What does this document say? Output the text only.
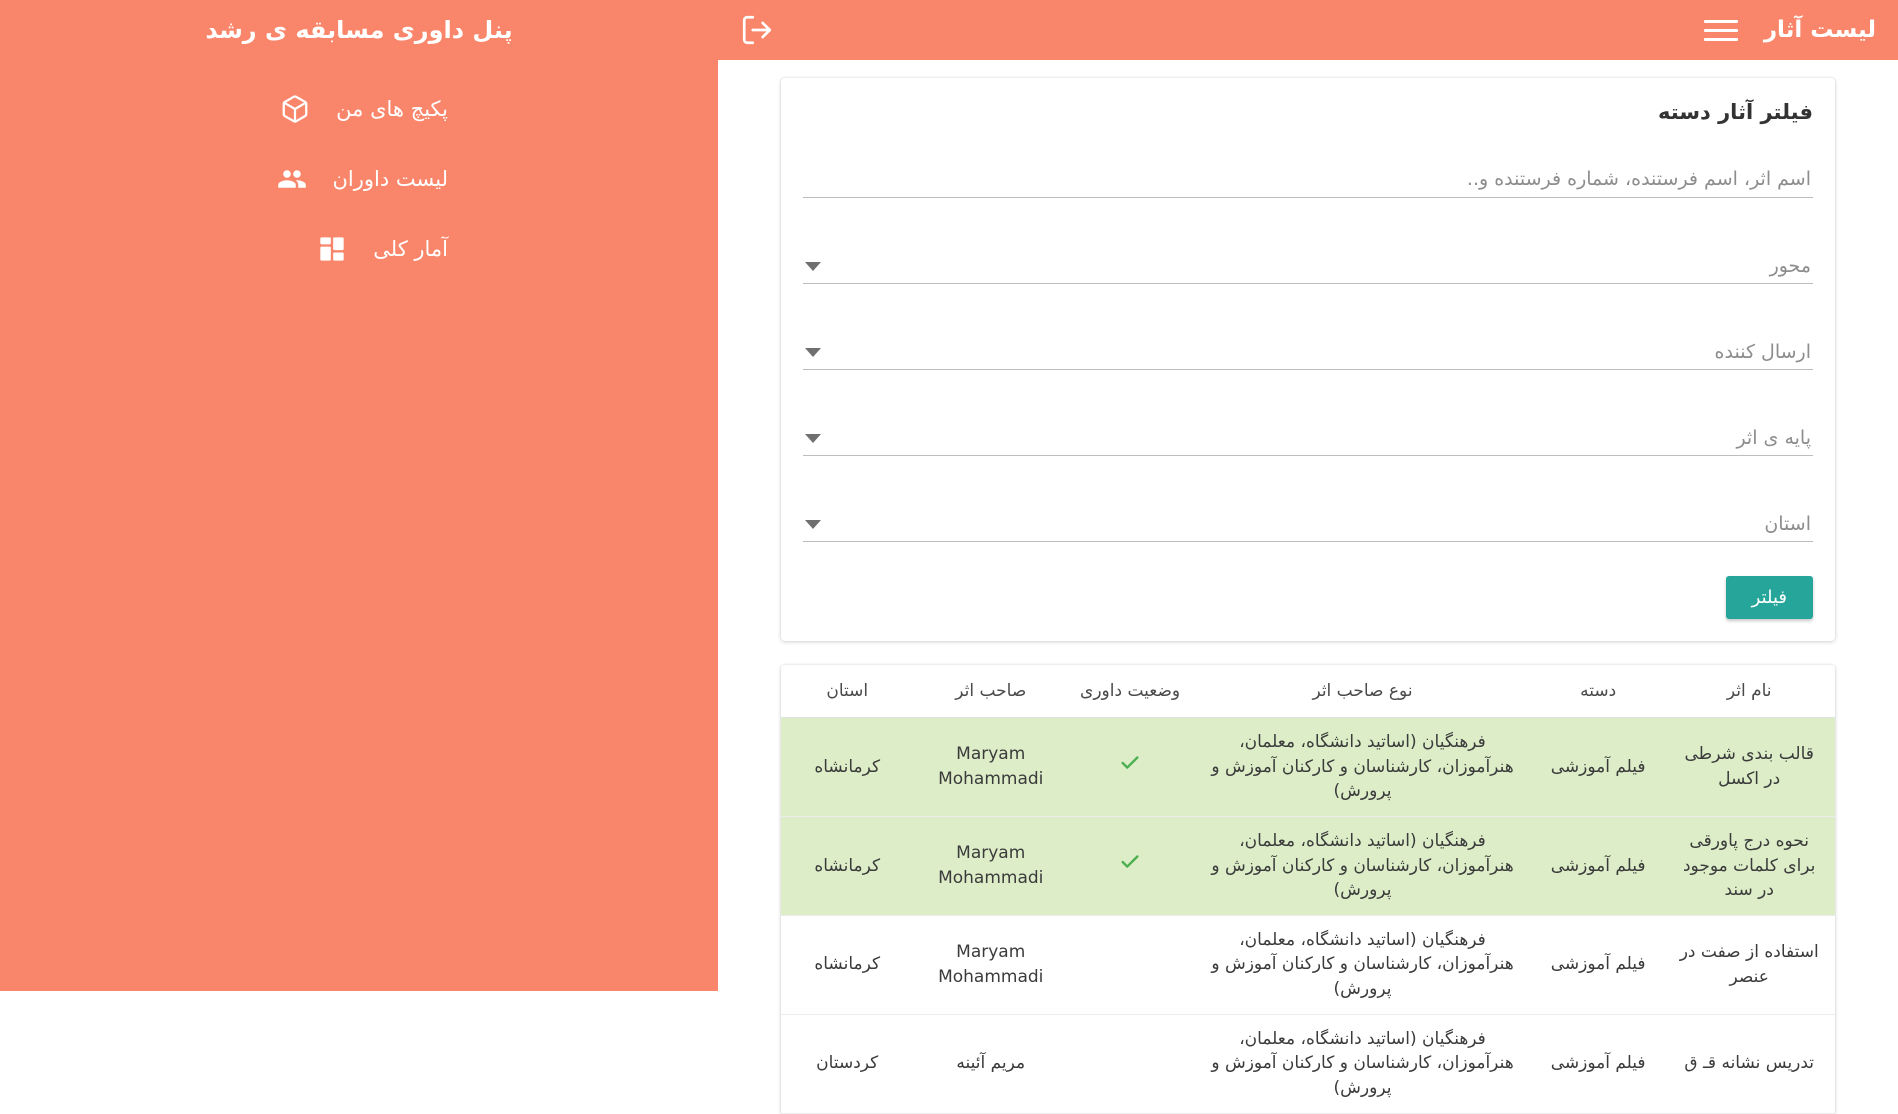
پنل داوری مسابقه ی رشد
پکیچ های من
لیست داوران
آمار کلی
لیست آثار
فیلتر آثار دسته
اسم اثر، اسم فرستنده، شماره فرستنده و..
محور
ارسال کننده
پایه ی اثر
استان
فیلتر
نام اثر	دسته	نوع صاحب اثر	وضعیت داوری	صاحب اثر	استان
قالب بندی شرطی در اکسل	فیلم آموزشی	فرهنگیان (اساتید دانشگاه، معلمان، هنرآموزان، کارشناسان و کارکنان آموزش و پرورش)		Maryam Mohammadi	کرمانشاه
نحوه درج پاورقی برای کلمات موجود در سند	فیلم آموزشی	فرهنگیان (اساتید دانشگاه، معلمان، هنرآموزان، کارشناسان و کارکنان آموزش و پرورش)		Maryam Mohammadi	کرمانشاه
استفاده از صفت در عنصر	فیلم آموزشی	فرهنگیان (اساتید دانشگاه، معلمان، هنرآموزان، کارشناسان و کارکنان آموزش و پرورش)		Maryam Mohammadi	کرمانشاه
تدریس نشانه قـ ق	فیلم آموزشی	فرهنگیان (اساتید دانشگاه، معلمان، هنرآموزان، کارشناسان و کارکنان آموزش و پرورش)		مریم آئینه	کردستان
